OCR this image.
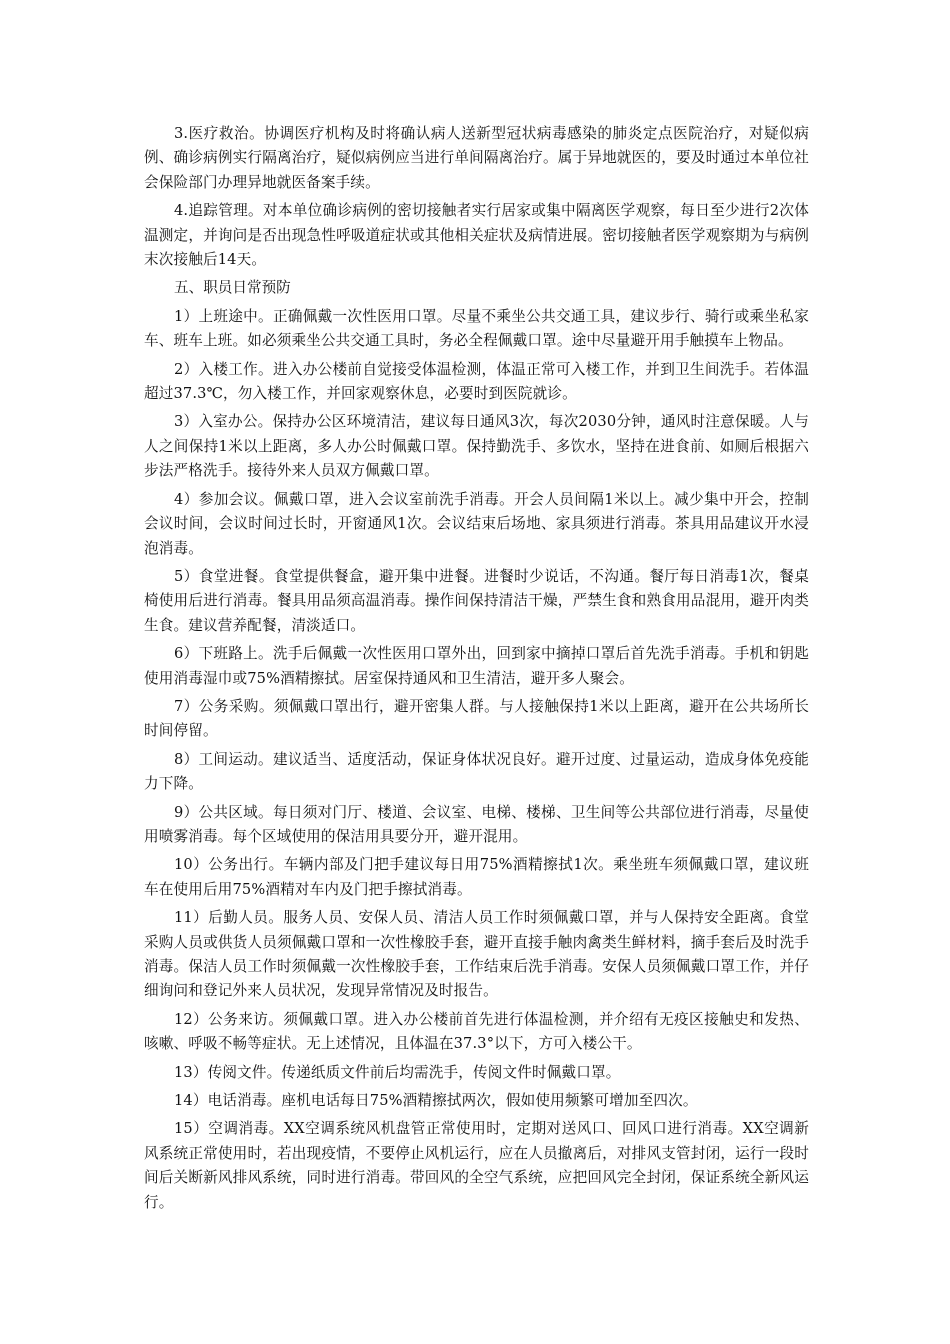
3.医疗救治。协调医疗机构及时将确认病人送新型冠状病毒感染的肺炎定点医院治疗，对疑似病例、确诊病例实行隔离治疗，疑似病例应当进行单间隔离治疗。属于异地就医的，要及时通过本单位社会保险部门办理异地就医备案手续。

4.追踪管理。对本单位确诊病例的密切接触者实行居家或集中隔离医学观察，每日至少进行2次体温测定，并询问是否出现急性呼吸道症状或其他相关症状及病情进展。密切接触者医学观察期为与病例末次接触后14天。

五、职员日常预防

1）上班途中。正确佩戴一次性医用口罩。尽量不乘坐公共交通工具，建议步行、骑行或乘坐私家车、班车上班。如必须乘坐公共交通工具时，务必全程佩戴口罩。途中尽量避开用手触摸车上物品。

2）入楼工作。进入办公楼前自觉接受体温检测，体温正常可入楼工作，并到卫生间洗手。若体温超过37.3℃，勿入楼工作，并回家观察休息，必要时到医院就诊。

3）入室办公。保持办公区环境清洁，建议每日通风3次，每次2030分钟，通风时注意保暖。人与人之间保持1米以上距离，多人办公时佩戴口罩。保持勤洗手、多饮水，坚持在进食前、如厕后根据六步法严格洗手。接待外来人员双方佩戴口罩。

4）参加会议。佩戴口罩，进入会议室前洗手消毒。开会人员间隔1米以上。减少集中开会，控制会议时间，会议时间过长时，开窗通风1次。会议结束后场地、家具须进行消毒。茶具用品建议开水浸泡消毒。

5）食堂进餐。食堂提供餐盒，避开集中进餐。进餐时少说话，不沟通。餐厅每日消毒1次，餐桌椅使用后进行消毒。餐具用品须高温消毒。操作间保持清洁干燥，严禁生食和熟食用品混用，避开肉类生食。建议营养配餐，清淡适口。

6）下班路上。洗手后佩戴一次性医用口罩外出，回到家中摘掉口罩后首先洗手消毒。手机和钥匙使用消毒湿巾或75%酒精擦拭。居室保持通风和卫生清洁，避开多人聚会。

7）公务采购。须佩戴口罩出行，避开密集人群。与人接触保持1米以上距离，避开在公共场所长时间停留。

8）工间运动。建议适当、适度活动，保证身体状况良好。避开过度、过量运动，造成身体免疫能力下降。

9）公共区域。每日须对门厅、楼道、会议室、电梯、楼梯、卫生间等公共部位进行消毒，尽量使用喷雾消毒。每个区域使用的保洁用具要分开，避开混用。

10）公务出行。车辆内部及门把手建议每日用75%酒精擦拭1次。乘坐班车须佩戴口罩，建议班车在使用后用75%酒精对车内及门把手擦拭消毒。

11）后勤人员。服务人员、安保人员、清洁人员工作时须佩戴口罩，并与人保持安全距离。食堂采购人员或供货人员须佩戴口罩和一次性橡胶手套，避开直接手触肉禽类生鲜材料，摘手套后及时洗手消毒。保洁人员工作时须佩戴一次性橡胶手套，工作结束后洗手消毒。安保人员须佩戴口罩工作，并仔细询问和登记外来人员状况，发现异常情况及时报告。

12）公务来访。须佩戴口罩。进入办公楼前首先进行体温检测，并介绍有无疫区接触史和发热、咳嗽、呼吸不畅等症状。无上述情况，且体温在37.3°以下，方可入楼公干。

13）传阅文件。传递纸质文件前后均需洗手，传阅文件时佩戴口罩。

14）电话消毒。座机电话每日75%酒精擦拭两次，假如使用频繁可增加至四次。

15）空调消毒。XX空调系统风机盘管正常使用时，定期对送风口、回风口进行消毒。XX空调新风系统正常使用时，若出现疫情，不要停止风机运行，应在人员撤离后，对排风支管封闭，运行一段时间后关断新风排风系统，同时进行消毒。带回风的全空气系统，应把回风完全封闭，保证系统全新风运行。
